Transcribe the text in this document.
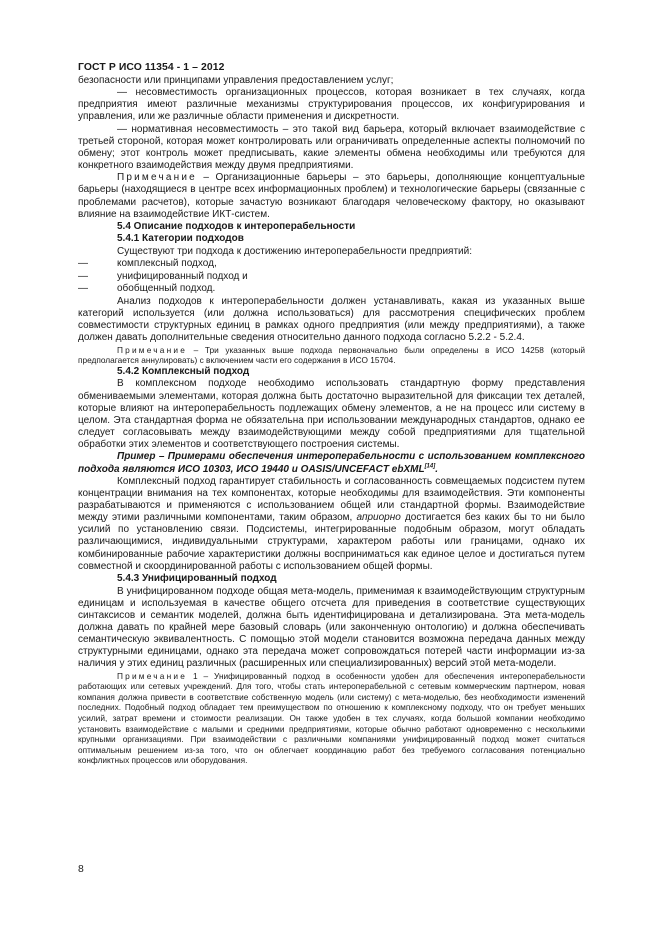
ГОСТ Р ИСО 11354 - 1 – 2012

безопасности или принципами управления предоставлением услуг;

— несовместимость организационных процессов, которая возникает в тех случаях, когда предприятия имеют различные механизмы структурирования процессов, их конфигурирования и управления, или же различные области применения и дискретности.

— нормативная несовместимость – это такой вид барьера, который включает взаимодействие с третьей стороной, которая может контролировать или ограничивать определенные аспекты полномочий по обмену; этот контроль может предписывать, какие элементы обмена необходимы или требуются для конкретного взаимодействия между двумя предприятиями.

Примечание – Организационные барьеры – это барьеры, дополняющие концептуальные барьеры (находящиеся в центре всех информационных проблем) и технологические барьеры (связанные с проблемами расчетов), которые зачастую возникают благодаря человеческому фактору, но оказывают влияние на взаимодействие ИКТ-систем.

5.4 Описание подходов к интероперабельности

5.4.1 Категории подходов

Существуют три подхода к достижению интероперабельности предприятий:

—	комплексный подход,
—	унифицированный подход и
—	обобщенный подход.

Анализ подходов к интероперабельности должен устанавливать, какая из указанных выше категорий используется (или должна использоваться) для рассмотрения специфических проблем совместимости структурных единиц в рамках одного предприятия (или между предприятиями), а также должен давать дополнительные сведения относительно данного подхода согласно 5.2.2 - 5.2.4.

Примечание – Три указанных выше подхода первоначально были определены в ИСО 14258 (который предполагается аннулировать) с включением части его содержания в ИСО 15704.

5.4.2 Комплексный подход

В комплексном подходе необходимо использовать стандартную форму представления обмениваемыми элементами, которая должна быть достаточно выразительной для фиксации тех деталей, которые влияют на интероперабельность подлежащих обмену элементов, а не на процесс или систему в целом. Эта стандартная форма не обязательна при использовании международных стандартов, однако ее следует согласовывать между взаимодействующими между собой предприятиями для тщательной обработки этих элементов и соответствующего построения системы.

Пример – Примерами обеспечения интероперабельности с использованием комплексного подхода являются ИСО 10303, ИСО 19440 и OASIS/UNCEFACT ebXML[14].

Комплексный подход гарантирует стабильность и согласованность совмещаемых подсистем путем концентрации внимания на тех компонентах, которые необходимы для взаимодействия. Эти компоненты разрабатываются и применяются с использованием общей или стандартной формы. Взаимодействие между этими различными компонентами, таким образом, априорно достигается без каких бы то ни было усилий по установлению связи. Подсистемы, интегрированные подобным образом, могут обладать различающимися, индивидуальными структурами, характером работы или границами, однако их комбинированные рабочие характеристики должны восприниматься как единое целое и достигаться путем совместной и скоординированной работы с использованием общей формы.

5.4.3 Унифицированный подход

В унифицированном подходе общая мета-модель, применимая к взаимодействующим структурным единицам и используемая в качестве общего отсчета для приведения в соответствие существующих синтаксисов и семантик моделей, должна быть идентифицирована и детализирована. Эта мета-модель должна давать по крайней мере базовый словарь (или законченную онтологию) и должна обеспечивать семантическую эквивалентность. С помощью этой модели становится возможна передача данных между структурными единицами, однако эта передача может сопровождаться потерей части информации из-за наличия у этих единиц различных (расширенных или специализированных) версий этой мета-модели.

Примечание 1 – Унифицированный подход в особенности удобен для обеспечения интероперабельности работающих или сетевых учреждений. Для того, чтобы стать интероперабельной с сетевым коммерческим партнером, новая компания должна привести в соответствие собственную модель (или систему) с мета-моделью, без необходимости изменений последних. Подобный подход обладает тем преимуществом по отношению к комплексному подходу, что он требует меньших усилий, затрат времени и стоимости реализации. Он также удобен в тех случаях, когда большой компании необходимо установить взаимодействие с малыми и средними предприятиями, которые обычно работают одновременно с несколькими крупными организациями. При взаимодействии с различными компаниями унифицированный подход может считаться оптимальным решением из-за того, что он облегчает координацию работ без требуемого согласования потенциально конфликтных процессов или оборудования.

8
